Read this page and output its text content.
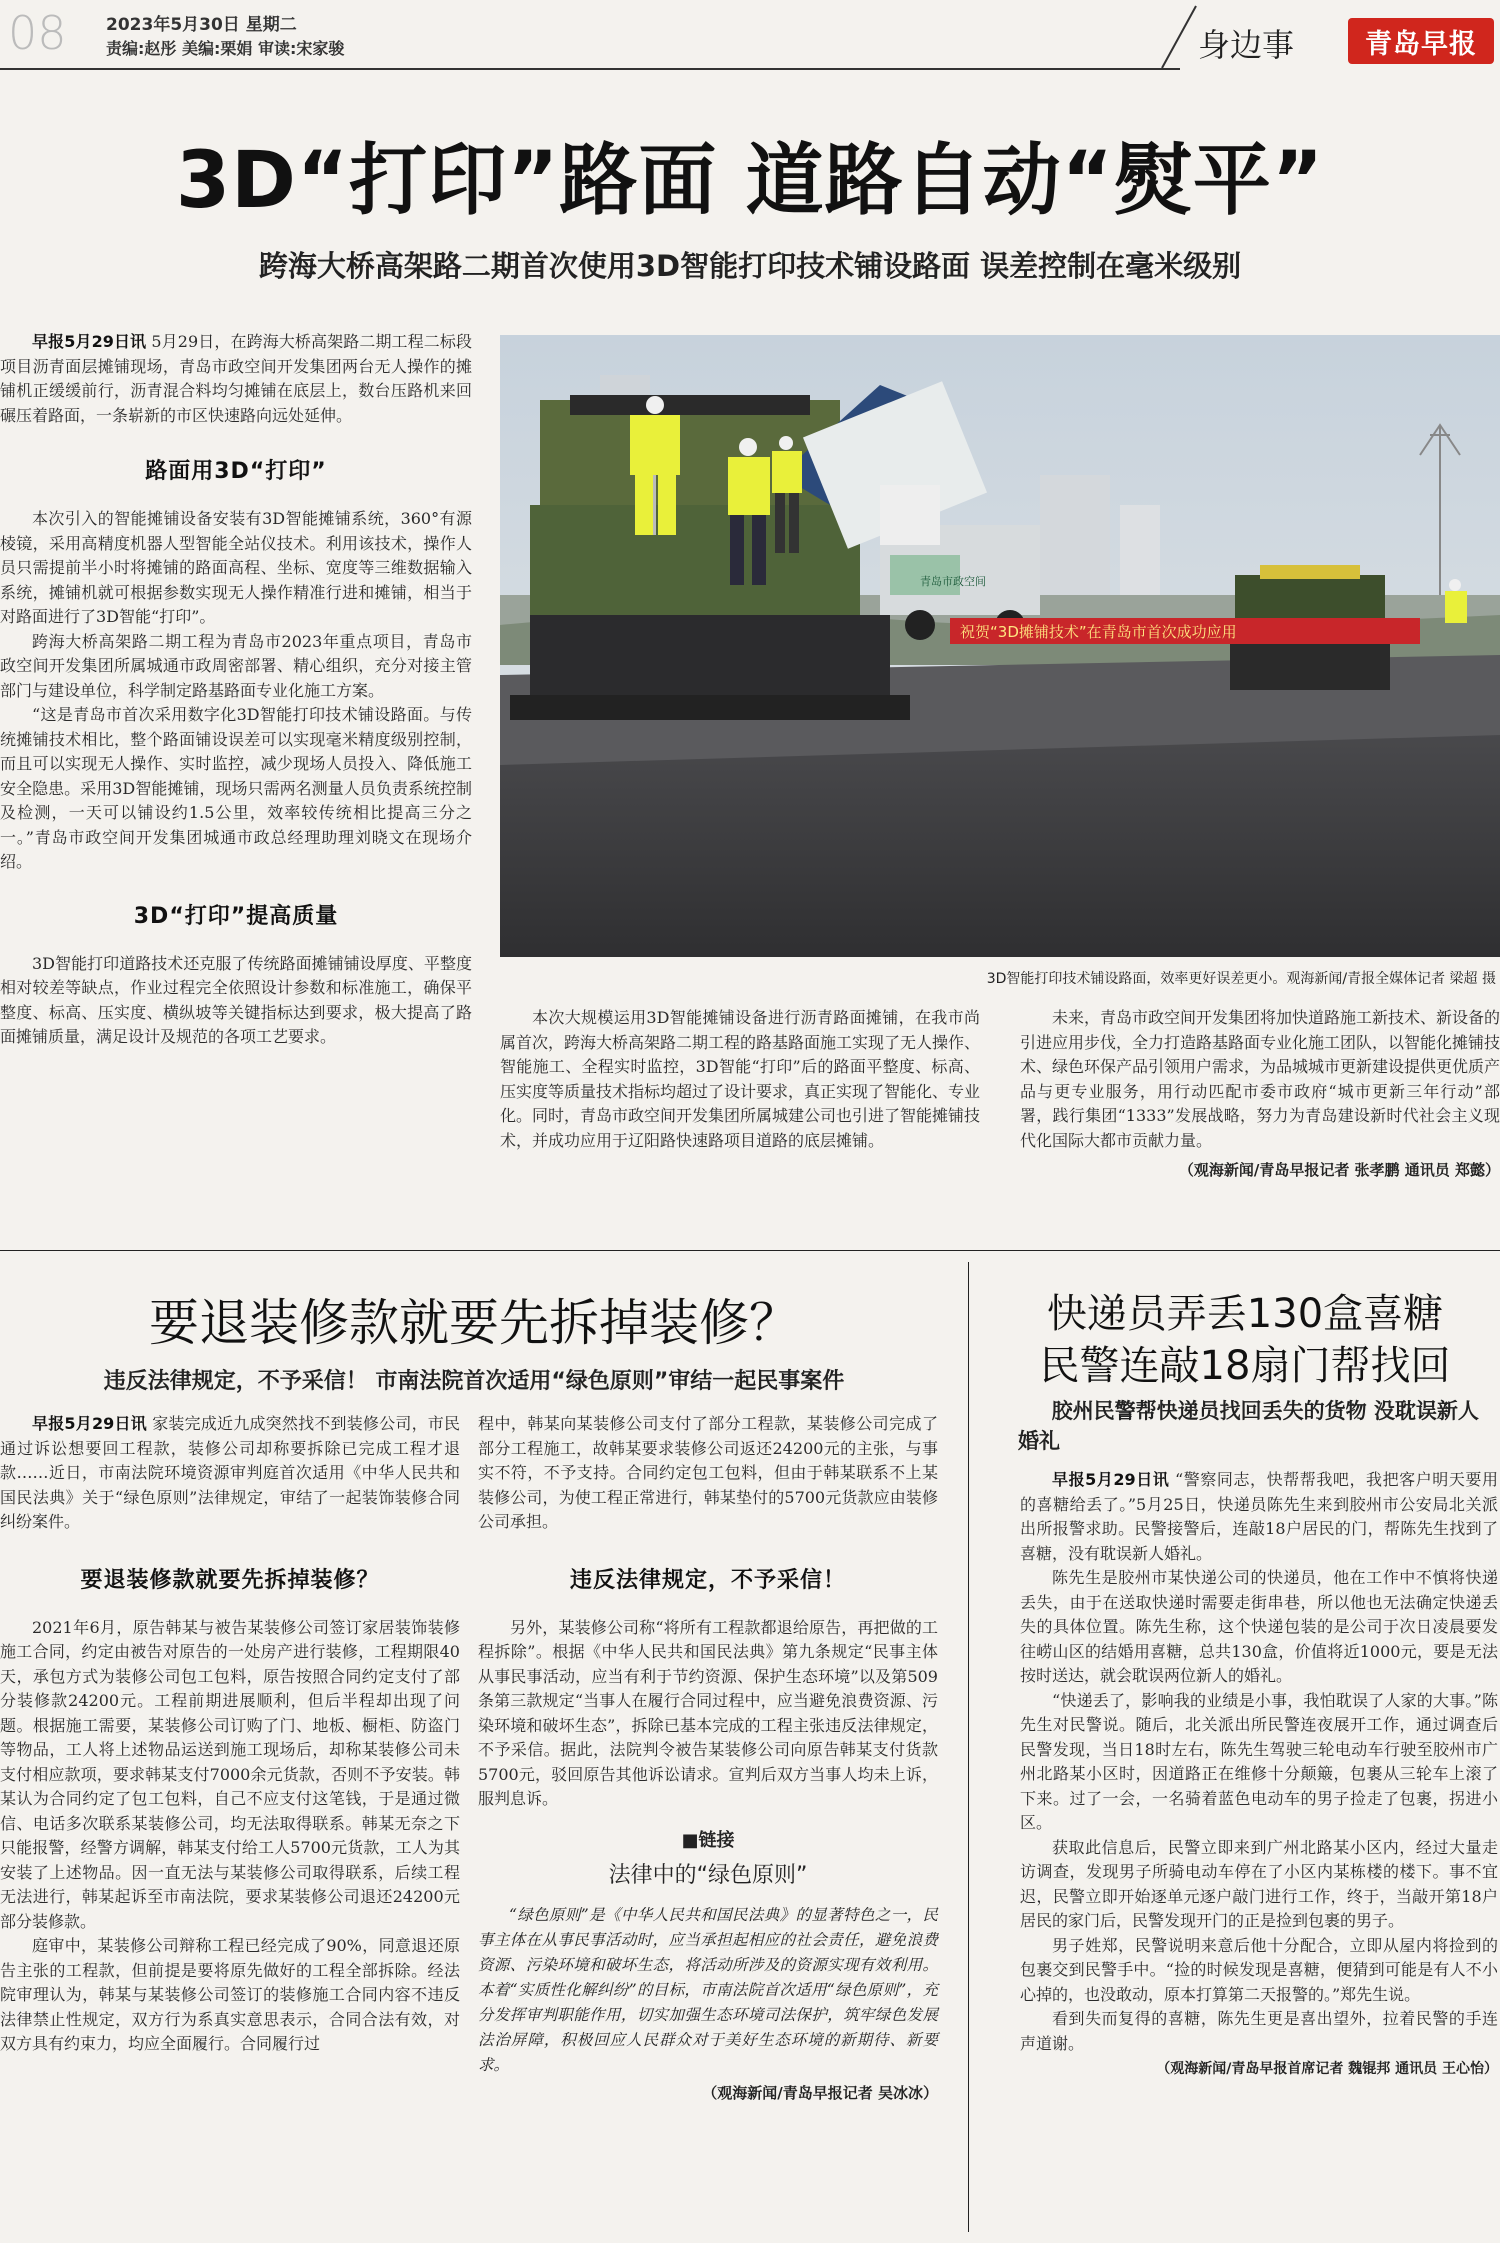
08 2023年5月30日 星期二
责编:赵彤 美编:栗娟 审读:宋家骏	身边事	青岛早报
3D“打印”路面 道路自动“熨平”
跨海大桥高架路二期首次使用3D智能打印技术铺设路面 误差控制在毫米级别

早报5月29日讯 5月29日，在跨海大桥高架路二期工程二标段项目沥青面层摊铺现场，青岛市政空间开发集团两台无人操作的摊铺机正缓缓前行，沥青混合料均匀摊铺在底层上，数台压路机来回碾压着路面，一条崭新的市区快速路向远处延伸。

路面用3D“打印”

本次引入的智能摊铺设备安装有3D智能摊铺系统，360°有源棱镜，采用高精度机器人型智能全站仪技术。利用该技术，操作人员只需提前半小时将摊铺的路面高程、坐标、宽度等三维数据输入系统，摊铺机就可根据参数实现无人操作精准行进和摊铺，相当于对路面进行了3D智能“打印”。

跨海大桥高架路二期工程为青岛市2023年重点项目，青岛市政空间开发集团所属城通市政周密部署、精心组织，充分对接主管部门与建设单位，科学制定路基路面专业化施工方案。

“这是青岛市首次采用数字化3D智能打印技术铺设路面。与传统摊铺技术相比，整个路面铺设误差可以实现毫米精度级别控制，而且可以实现无人操作、实时监控，减少现场人员投入、降低施工安全隐患。采用3D智能摊铺，现场只需两名测量人员负责系统控制及检测，一天可以铺设约1.5公里，效率较传统相比提高三分之一。”青岛市政空间开发集团城通市政总经理助理刘晓文在现场介绍。

3D“打印”提高质量

3D智能打印道路技术还克服了传统路面摊铺铺设厚度、平整度相对较差等缺点，作业过程完全依照设计参数和标准施工，确保平整度、标高、压实度、横纵坡等关键指标达到要求，极大提高了路面摊铺质量，满足设计及规范的各项工艺要求。

青岛市政空间
祝贺“3D摊铺技术”在青岛市首次成功应用
3D智能打印技术铺设路面，效率更好误差更小。观海新闻/青报全媒体记者 梁超 摄

本次大规模运用3D智能摊铺设备进行沥青路面摊铺，在我市尚属首次，跨海大桥高架路二期工程的路基路面施工实现了无人操作、智能施工、全程实时监控，3D智能“打印”后的路面平整度、标高、压实度等质量技术指标均超过了设计要求，真正实现了智能化、专业化。同时，青岛市政空间开发集团所属城建公司也引进了智能摊铺技术，并成功应用于辽阳路快速路项目道路的底层摊铺。

未来，青岛市政空间开发集团将加快道路施工新技术、新设备的引进应用步伐，全力打造路基路面专业化施工团队，以智能化摊铺技术、绿色环保产品引领用户需求，为品城城市更新建设提供更优质产品与更专业服务，用行动匹配市委市政府“城市更新三年行动”部署，践行集团“1333”发展战略，努力为青岛建设新时代社会主义现代化国际大都市贡献力量。

（观海新闻/青岛早报记者 张孝鹏 通讯员 郑懿）
要退装修款就要先拆掉装修？
违反法律规定，不予采信！ 市南法院首次适用“绿色原则”审结一起民事案件

早报5月29日讯 家装完成近九成突然找不到装修公司，市民通过诉讼想要回工程款，装修公司却称要拆除已完成工程才退款……近日，市南法院环境资源审判庭首次适用《中华人民共和国民法典》关于“绿色原则”法律规定，审结了一起装饰装修合同纠纷案件。

要退装修款就要先拆掉装修？

2021年6月，原告韩某与被告某装修公司签订家居装饰装修施工合同，约定由被告对原告的一处房产进行装修，工程期限40天，承包方式为装修公司包工包料，原告按照合同约定支付了部分装修款24200元。工程前期进展顺利，但后半程却出现了问题。根据施工需要，某装修公司订购了门、地板、橱柜、防盗门等物品，工人将上述物品运送到施工现场后，却称某装修公司未支付相应款项，要求韩某支付7000余元货款，否则不予安装。韩某认为合同约定了包工包料，自己不应支付这笔钱，于是通过微信、电话多次联系某装修公司，均无法取得联系。韩某无奈之下只能报警，经警方调解，韩某支付给工人5700元货款，工人为其安装了上述物品。因一直无法与某装修公司取得联系，后续工程无法进行，韩某起诉至市南法院，要求某装修公司退还24200元部分装修款。

庭审中，某装修公司辩称工程已经完成了90%，同意退还原告主张的工程款，但前提是要将原先做好的工程全部拆除。经法院审理认为，韩某与某装修公司签订的装修施工合同内容不违反法律禁止性规定，双方行为系真实意思表示，合同合法有效，对双方具有约束力，均应全面履行。合同履行过

程中，韩某向某装修公司支付了部分工程款，某装修公司完成了部分工程施工，故韩某要求装修公司返还24200元的主张，与事实不符，不予支持。合同约定包工包料，但由于韩某联系不上某装修公司，为使工程正常进行，韩某垫付的5700元货款应由装修公司承担。

违反法律规定，不予采信！

另外，某装修公司称“将所有工程款都退给原告，再把做的工程拆除”。根据《中华人民共和国民法典》第九条规定“民事主体从事民事活动，应当有利于节约资源、保护生态环境”以及第509条第三款规定“当事人在履行合同过程中，应当避免浪费资源、污染环境和破坏生态”，拆除已基本完成的工程主张违反法律规定，不予采信。据此，法院判令被告某装修公司向原告韩某支付货款5700元，驳回原告其他诉讼请求。宣判后双方当事人均未上诉，服判息诉。

■链接
法律中的“绿色原则”

“绿色原则”是《中华人民共和国民法典》的显著特色之一，民事主体在从事民事活动时，应当承担起相应的社会责任，避免浪费资源、污染环境和破坏生态，将活动所涉及的资源实现有效利用。本着“实质性化解纠纷”的目标，市南法院首次适用“绿色原则”，充分发挥审判职能作用，切实加强生态环境司法保护，筑牢绿色发展法治屏障，积极回应人民群众对于美好生态环境的新期待、新要求。

（观海新闻/青岛早报记者 吴冰冰）
快递员弄丢130盒喜糖
民警连敲18扇门帮找回
胶州民警帮快递员找回丢失的货物 没耽误新人婚礼

早报5月29日讯 “警察同志，快帮帮我吧，我把客户明天要用的喜糖给丢了。”5月25日，快递员陈先生来到胶州市公安局北关派出所报警求助。民警接警后，连敲18户居民的门，帮陈先生找到了喜糖，没有耽误新人婚礼。

陈先生是胶州市某快递公司的快递员，他在工作中不慎将快递丢失，由于在送取快递时需要走街串巷，所以他也无法确定快递丢失的具体位置。陈先生称，这个快递包装的是公司于次日凌晨要发往崂山区的结婚用喜糖，总共130盒，价值将近1000元，要是无法按时送达，就会耽误两位新人的婚礼。

“快递丢了，影响我的业绩是小事，我怕耽误了人家的大事。”陈先生对民警说。随后，北关派出所民警连夜展开工作，通过调查后民警发现，当日18时左右，陈先生驾驶三轮电动车行驶至胶州市广州北路某小区时，因道路正在维修十分颠簸，包裹从三轮车上滚了下来。过了一会，一名骑着蓝色电动车的男子捡走了包裹，拐进小区。

获取此信息后，民警立即来到广州北路某小区内，经过大量走访调查，发现男子所骑电动车停在了小区内某栋楼的楼下。事不宜迟，民警立即开始逐单元逐户敲门进行工作，终于，当敲开第18户居民的家门后，民警发现开门的正是捡到包裹的男子。

男子姓郑，民警说明来意后他十分配合，立即从屋内将捡到的包裹交到民警手中。“捡的时候发现是喜糖，便猜到可能是有人不小心掉的，也没敢动，原本打算第二天报警的。”郑先生说。

看到失而复得的喜糖，陈先生更是喜出望外，拉着民警的手连声道谢。

（观海新闻/青岛早报首席记者 魏锟邦 通讯员 王心怡）
